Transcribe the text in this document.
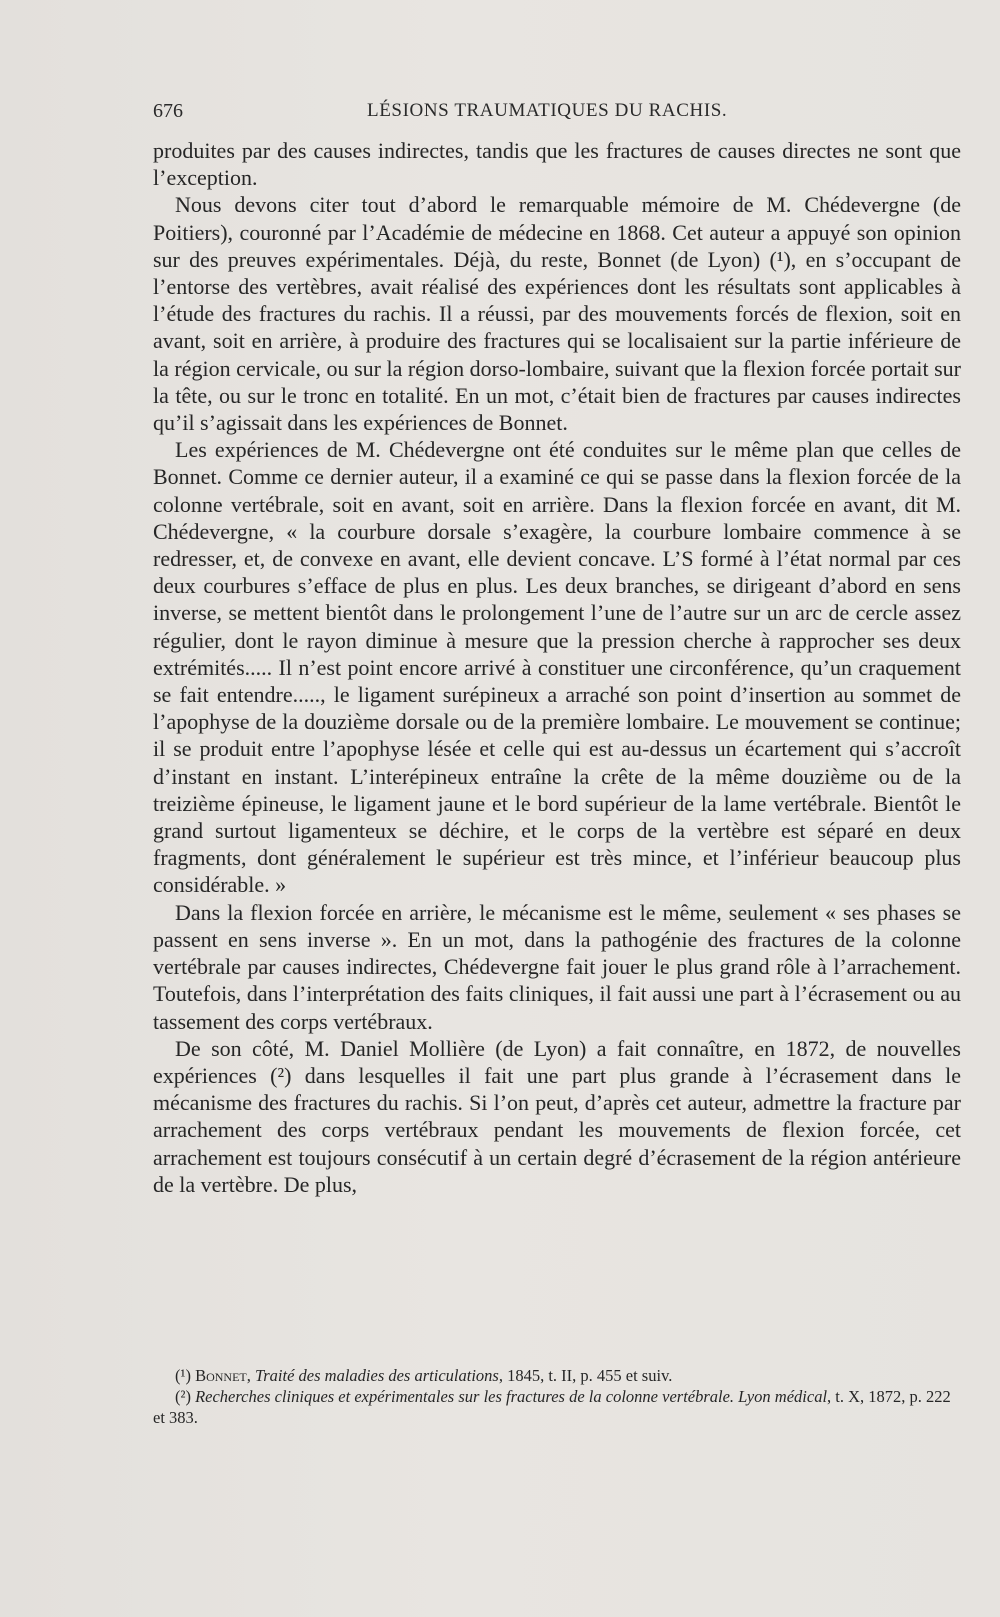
676	LÉSIONS TRAUMATIQUES DU RACHIS.

produites par des causes indirectes, tandis que les fractures de causes directes ne sont que l’exception.

Nous devons citer tout d’abord le remarquable mémoire de M. Chédevergne (de Poitiers), couronné par l’Académie de médecine en 1868. Cet auteur a appuyé son opinion sur des preuves expérimentales. Déjà, du reste, Bonnet (de Lyon) (¹), en s’occupant de l’entorse des vertèbres, avait réalisé des expériences dont les résultats sont applicables à l’étude des fractures du rachis. Il a réussi, par des mouvements forcés de flexion, soit en avant, soit en arrière, à produire des fractures qui se localisaient sur la partie inférieure de la région cervicale, ou sur la région dorso-lombaire, suivant que la flexion forcée portait sur la tête, ou sur le tronc en totalité. En un mot, c’était bien de fractures par causes indirectes qu’il s’agissait dans les expériences de Bonnet.

Les expériences de M. Chédevergne ont été conduites sur le même plan que celles de Bonnet. Comme ce dernier auteur, il a examiné ce qui se passe dans la flexion forcée de la colonne vertébrale, soit en avant, soit en arrière. Dans la flexion forcée en avant, dit M. Chédevergne, « la courbure dorsale s’exagère, la courbure lombaire commence à se redresser, et, de convexe en avant, elle devient concave. L’S formé à l’état normal par ces deux courbures s’efface de plus en plus. Les deux branches, se dirigeant d’abord en sens inverse, se mettent bientôt dans le prolongement l’une de l’autre sur un arc de cercle assez régulier, dont le rayon diminue à mesure que la pression cherche à rapprocher ses deux extrémités..... Il n’est point encore arrivé à constituer une circonférence, qu’un craquement se fait entendre....., le ligament surépineux a arraché son point d’insertion au sommet de l’apophyse de la douzième dorsale ou de la première lombaire. Le mouvement se continue; il se produit entre l’apophyse lésée et celle qui est au-dessus un écartement qui s’accroît d’instant en instant. L’interépineux entraîne la crête de la même douzième ou de la treizième épineuse, le ligament jaune et le bord supérieur de la lame vertébrale. Bientôt le grand surtout ligamenteux se déchire, et le corps de la vertèbre est séparé en deux fragments, dont généralement le supérieur est très mince, et l’inférieur beaucoup plus considérable. »

Dans la flexion forcée en arrière, le mécanisme est le même, seulement « ses phases se passent en sens inverse ». En un mot, dans la pathogénie des fractures de la colonne vertébrale par causes indirectes, Chédevergne fait jouer le plus grand rôle à l’arrachement. Toutefois, dans l’interprétation des faits cliniques, il fait aussi une part à l’écrasement ou au tassement des corps vertébraux.

De son côté, M. Daniel Mollière (de Lyon) a fait connaître, en 1872, de nouvelles expériences (²) dans lesquelles il fait une part plus grande à l’écrasement dans le mécanisme des fractures du rachis. Si l’on peut, d’après cet auteur, admettre la fracture par arrachement des corps vertébraux pendant les mouvements de flexion forcée, cet arrachement est toujours consécutif à un certain degré d’écrasement de la région antérieure de la vertèbre. De plus,

(¹) Bonnet, Traité des maladies des articulations, 1845, t. II, p. 455 et suiv.

(²) Recherches cliniques et expérimentales sur les fractures de la colonne vertébrale. Lyon médical, t. X, 1872, p. 222 et 383.
